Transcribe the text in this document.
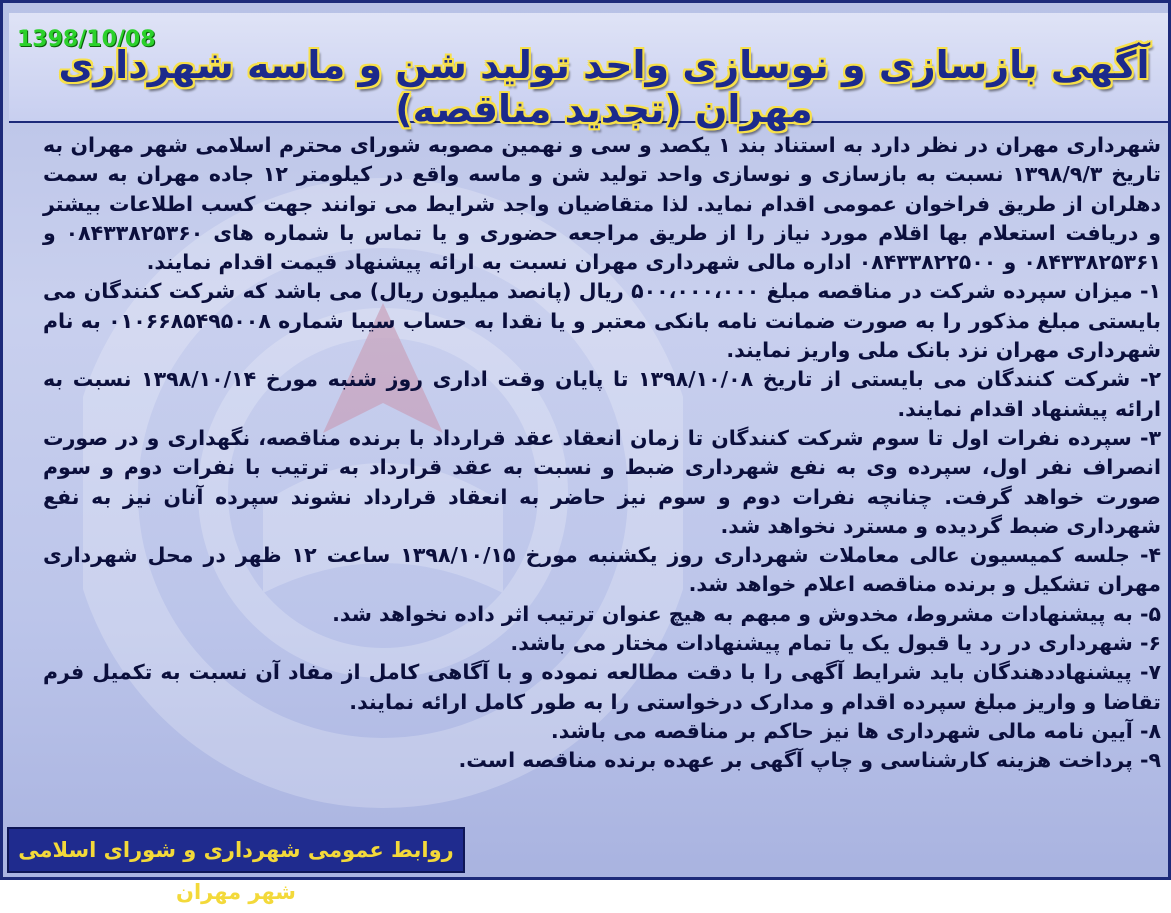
1398/10/08
آگهی بازسازی و نوسازی واحد تولید شن و ماسه شهرداری مهران (تجدید مناقصه)

شهرداری مهران در نظر دارد به استناد بند ۱ یکصد و سی و نهمین مصوبه شورای محترم اسلامی شهر مهران به تاریخ ۱۳۹۸/۹/۳ نسبت به بازسازی و نوسازی واحد تولید شن و ماسه واقع در کیلومتر ۱۲ جاده مهران به سمت دهلران از طریق فراخوان عمومی اقدام نماید. لذا متقاضیان واجد شرایط می توانند جهت کسب اطلاعات بیشتر و دریافت استعلام بها اقلام مورد نیاز را از طریق مراجعه حضوری و یا تماس با شماره های ۰۸۴۳۳۸۲۵۳۶۰ و ۰۸۴۳۳۸۲۵۳۶۱ و ۰۸۴۳۳۸۲۲۵۰۰ اداره مالی شهرداری مهران نسبت به ارائه پیشنهاد قیمت اقدام نمایند.

۱- میزان سپرده شرکت در مناقصه مبلغ ۵۰۰،۰۰۰،۰۰۰ ریال (پانصد میلیون ریال) می باشد که شرکت کنندگان می بایستی مبلغ مذکور را به صورت ضمانت نامه بانکی معتبر و یا نقدا به حساب سیبا شماره ۰۱۰۶۶۸۵۴۹۵۰۰۸ به نام شهرداری مهران نزد بانک ملی واریز نمایند.

۲- شرکت کنندگان می بایستی از تاریخ ۱۳۹۸/۱۰/۰۸ تا پایان وقت اداری روز شنبه مورخ ۱۳۹۸/۱۰/۱۴ نسبت به ارائه پیشنهاد اقدام نمایند.

۳- سپرده نفرات اول تا سوم شرکت کنندگان تا زمان انعقاد عقد قرارداد با برنده مناقصه، نگهداری و در صورت انصراف نفر اول، سپرده وی به نفع شهرداری ضبط و نسبت به عقد قرارداد به ترتیب با نفرات دوم و سوم صورت خواهد گرفت. چنانچه نفرات دوم و سوم نیز حاضر به انعقاد قرارداد نشوند سپرده آنان نیز به نفع شهرداری ضبط گردیده و مسترد نخواهد شد.

۴- جلسه کمیسیون عالی معاملات شهرداری روز یکشنبه مورخ ۱۳۹۸/۱۰/۱۵ ساعت ۱۲ ظهر در محل شهرداری مهران تشکیل و برنده مناقصه اعلام خواهد شد.

۵- به پیشنهادات مشروط، مخدوش و مبهم به هیچ عنوان ترتیب اثر داده نخواهد شد.

۶- شهرداری در رد یا قبول یک یا تمام پیشنهادات مختار می باشد.

۷- پیشنهاددهندگان باید شرایط آگهی را با دقت مطالعه نموده و با آگاهی کامل از مفاد آن نسبت به تکمیل فرم تقاضا و واریز مبلغ سپرده اقدام و مدارک درخواستی را به طور کامل ارائه نمایند.

۸- آیین نامه مالی شهرداری ها نیز حاکم بر مناقصه می باشد.

۹- پرداخت هزینه کارشناسی و چاپ آگهی بر عهده برنده مناقصه است.

روابط عمومی شهرداری و شورای اسلامی شهر مهران
